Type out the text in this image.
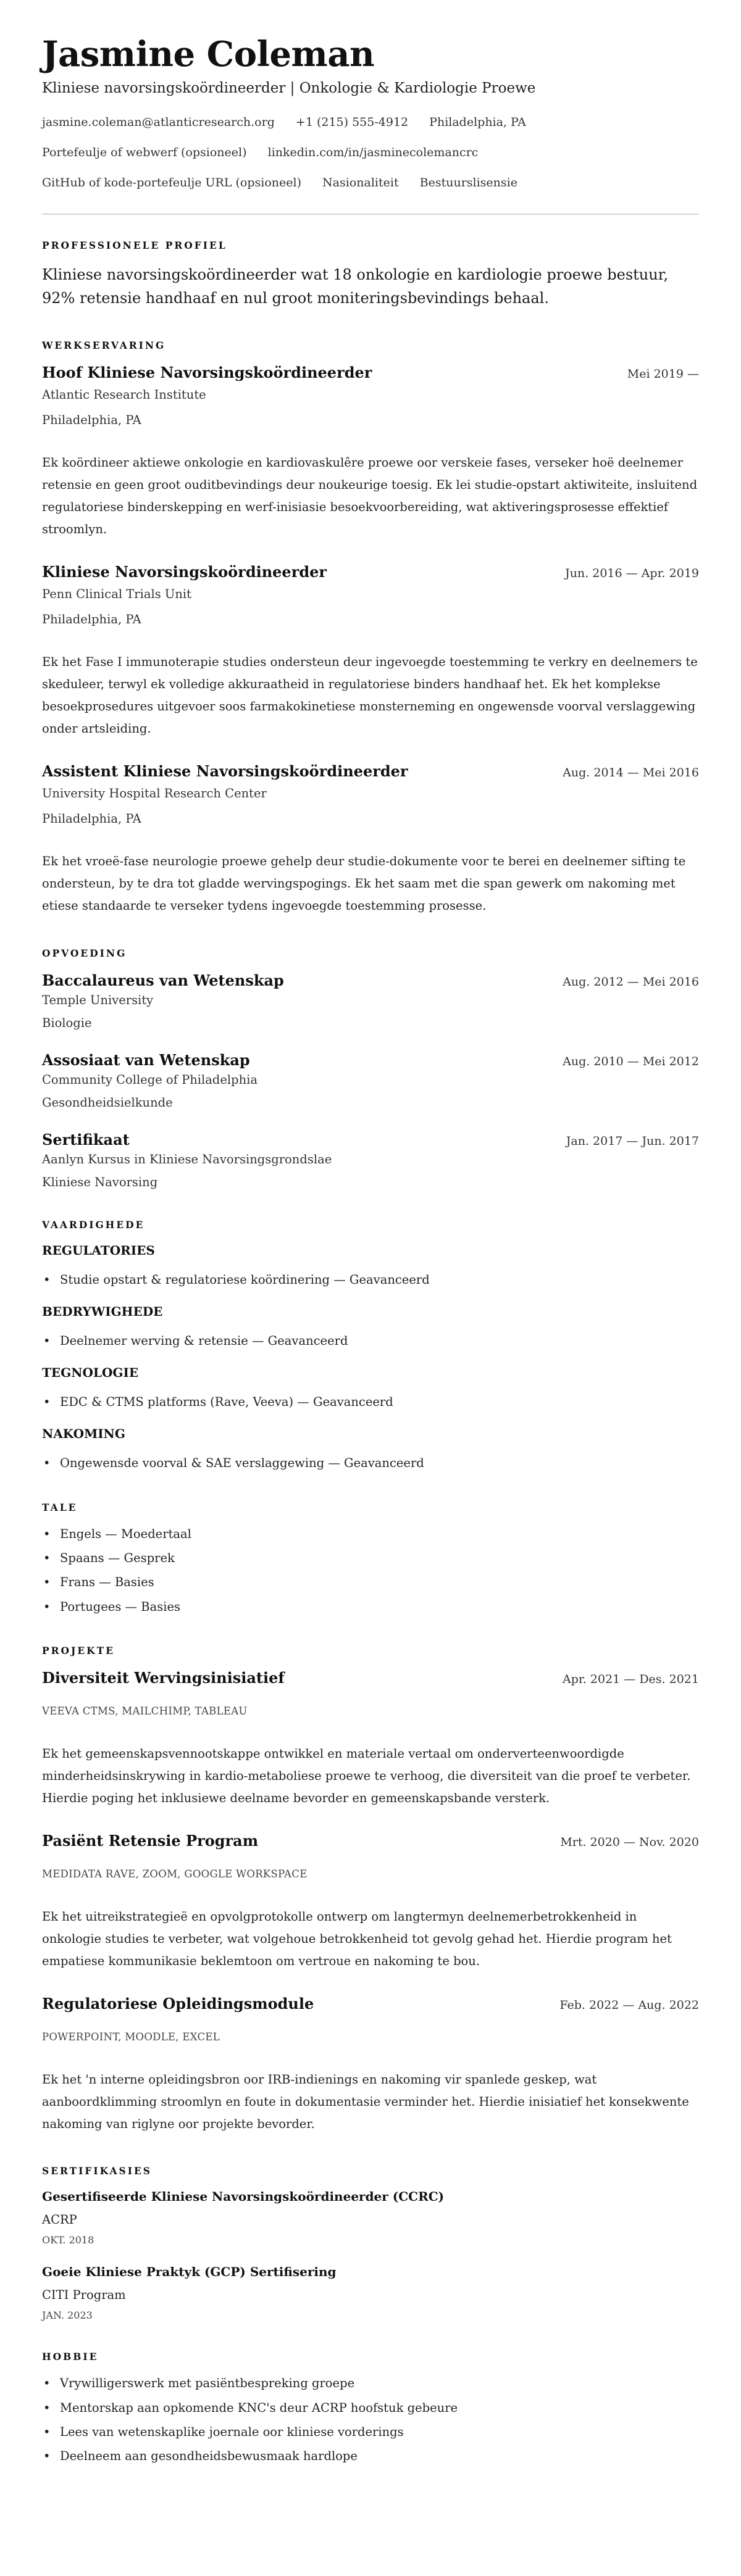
Jasmine Coleman
Kliniese navorsingskoördineerder | Onkologie & Kardiologie Proewe
jasmine.coleman@atlanticresearch.org +1 (215) 555-4912 Philadelphia, PA
Portefeulje of webwerf (opsioneel) linkedin.com/in/jasminecolemancrc
GitHub of kode-portefeulje URL (opsioneel) Nasionaliteit Bestuurslisensie
PROFESSIONELE PROFIEL

Kliniese navorsingskoördineerder wat 18 onkologie en kardiologie proewe bestuur, 92% retensie handhaaf en nul groot moniteringsbevindings behaal.

WERKSERVARING
Hoof Kliniese Navorsingskoördineerder	Mei 2019 —
Atlantic Research Institute
Philadelphia, PA
Ek koördineer aktiewe onkologie en kardiovaskulêre proewe oor verskeie fases, verseker hoë deelnemer retensie en geen groot ouditbevindings deur noukeurige toesig. Ek lei studie-opstart aktiwiteite, insluitend regulatoriese binderskepping en werf-inisiasie besoekvoorbereiding, wat aktiveringsprosesse effektief stroomlyn.
Kliniese Navorsingskoördineerder	Jun. 2016 — Apr. 2019
Penn Clinical Trials Unit
Philadelphia, PA
Ek het Fase I immunoterapie studies ondersteun deur ingevoegde toestemming te verkry en deelnemers te skeduleer, terwyl ek volledige akkuraatheid in regulatoriese binders handhaaf het. Ek het komplekse besoekprosedures uitgevoer soos farmakokinetiese monsterneming en ongewensde voorval verslaggewing onder artsleiding.
Assistent Kliniese Navorsingskoördineerder	Aug. 2014 — Mei 2016
University Hospital Research Center
Philadelphia, PA
Ek het vroeë-fase neurologie proewe gehelp deur studie-dokumente voor te berei en deelnemer sifting te ondersteun, by te dra tot gladde wervingspogings. Ek het saam met die span gewerk om nakoming met etiese standaarde te verseker tydens ingevoegde toestemming prosesse.
OPVOEDING
Baccalaureus van Wetenskap	Aug. 2012 — Mei 2016
Temple University
Biologie
Assosiaat van Wetenskap	Aug. 2010 — Mei 2012
Community College of Philadelphia
Gesondheidsielkunde
Sertifikaat	Jan. 2017 — Jun. 2017
Aanlyn Kursus in Kliniese Navorsingsgrondslae
Kliniese Navorsing
VAARDIGHEDE
REGULATORIES
• Studie opstart & regulatoriese koördinering — Geavanceerd
BEDRYWIGHEDE
• Deelnemer werving & retensie — Geavanceerd
TEGNOLOGIE
• EDC & CTMS platforms (Rave, Veeva) — Geavanceerd
NAKOMING
• Ongewensde voorval & SAE verslaggewing — Geavanceerd
TALE
• Engels — Moedertaal
• Spaans — Gesprek
• Frans — Basies
• Portugees — Basies
PROJEKTE
Diversiteit Wervingsinisiatief	Apr. 2021 — Des. 2021
VEEVA CTMS, MAILCHIMP, TABLEAU
Ek het gemeenskapsvennootskappe ontwikkel en materiale vertaal om onderverteenwoordigde minderheidsinskrywing in kardio-metaboliese proewe te verhoog, die diversiteit van die proef te verbeter. Hierdie poging het inklusiewe deelname bevorder en gemeenskapsbande versterk.
Pasiënt Retensie Program	Mrt. 2020 — Nov. 2020
MEDIDATA RAVE, ZOOM, GOOGLE WORKSPACE
Ek het uitreikstrategieë en opvolgprotokolle ontwerp om langtermyn deelnemerbetrokkenheid in onkologie studies te verbeter, wat volgehoue betrokkenheid tot gevolg gehad het. Hierdie program het empatiese kommunikasie beklemtoon om vertroue en nakoming te bou.
Regulatoriese Opleidingsmodule	Feb. 2022 — Aug. 2022
POWERPOINT, MOODLE, EXCEL
Ek het 'n interne opleidingsbron oor IRB-indienings en nakoming vir spanlede geskep, wat aanboordklimming stroomlyn en foute in dokumentasie verminder het. Hierdie inisiatief het konsekwente nakoming van riglyne oor projekte bevorder.
SERTIFIKASIES
Gesertifiseerde Kliniese Navorsingskoördineerder (CCRC)
ACRP
OKT. 2018
Goeie Kliniese Praktyk (GCP) Sertifisering
CITI Program
JAN. 2023
HOBBIE
• Vrywilligerswerk met pasiëntbespreking groepe
• Mentorskap aan opkomende KNC's deur ACRP hoofstuk gebeure
• Lees van wetenskaplike joernale oor kliniese vorderings
• Deelneem aan gesondheidsbewusmaak hardlope
